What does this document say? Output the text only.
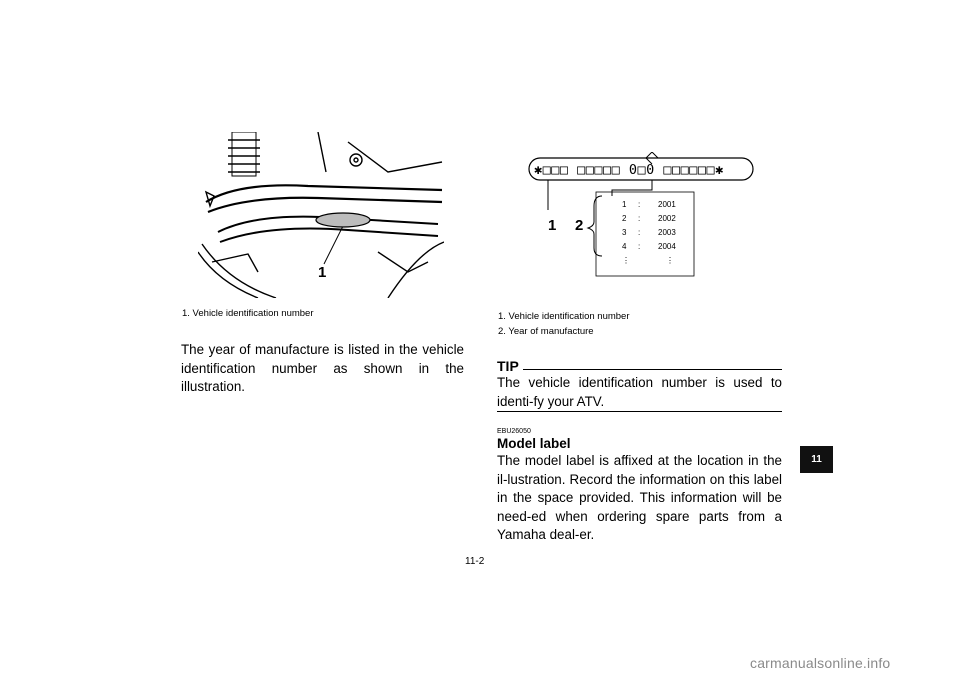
1
1. Vehicle identification number
The year of manufacture is listed in the vehicle identification number as shown in the illustration.
✱□□□ □□□□□ 0□0 □□□□□□✱
1 2
1	:	2001
2	:	2002
3	:	2003
4	:	2004
⋮	⋮
1. Vehicle identification number
2. Year of manufacture
TIP
The vehicle identification number is used to identi-fy your ATV.
EBU26050
Model label
The model label is affixed at the location in the il-lustration. Record the information on this label in the space provided. This information will be need-ed when ordering spare parts from a Yamaha deal-er.
11
11-2
carmanualsonline.info
